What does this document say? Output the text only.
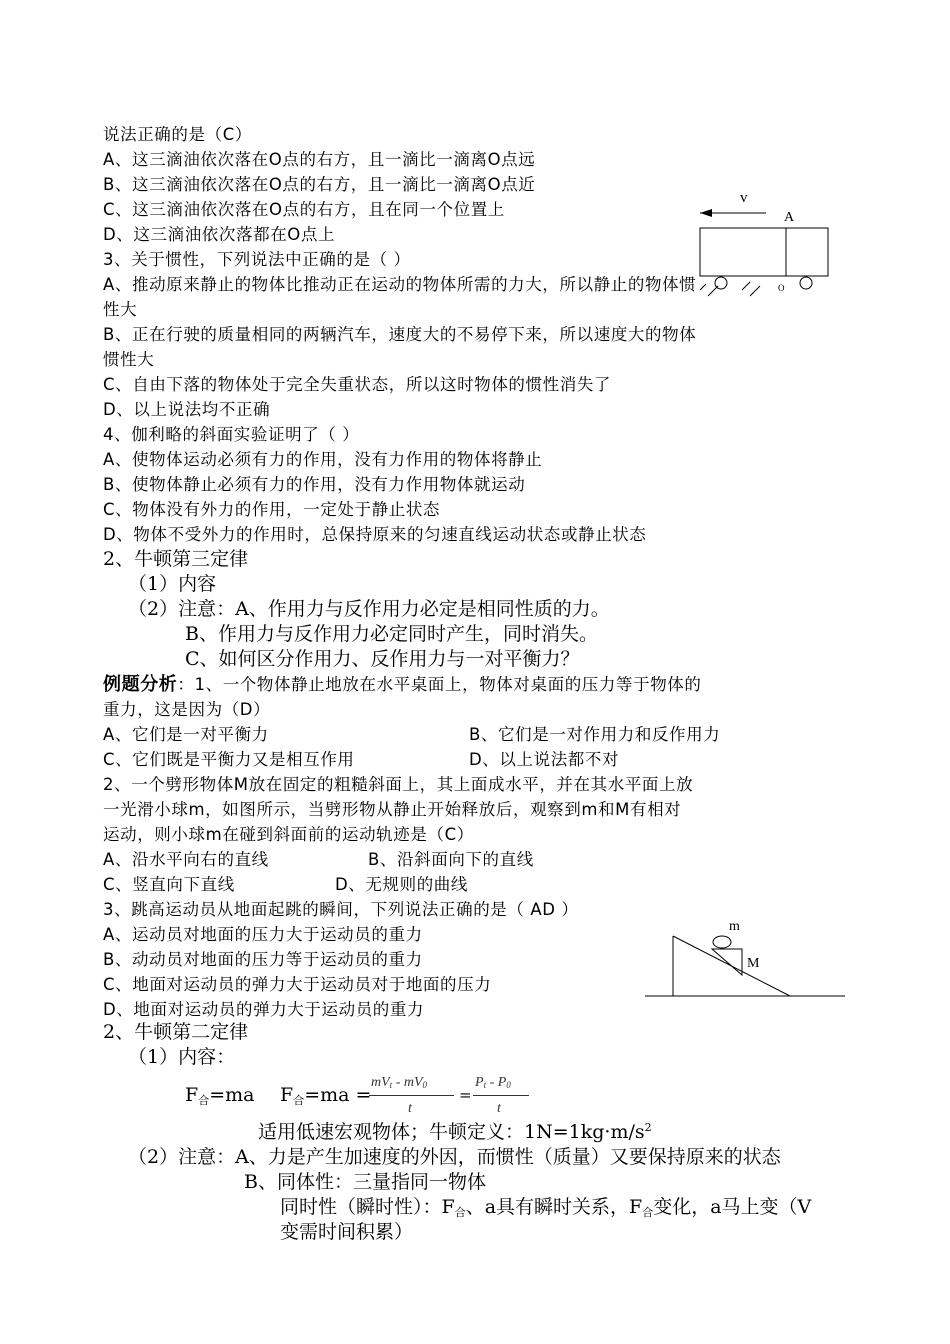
说法正确的是（C）
A、这三滴油依次落在O点的右方，且一滴比一滴离O点远
B、这三滴油依次落在O点的右方，且一滴比一滴离O点近
C、这三滴油依次落在O点的右方，且在同一个位置上
D、这三滴油依次落都在O点上
3、关于惯性，下列说法中正确的是（ ）
A、推动原来静止的物体比推动正在运动的物体所需的力大，所以静止的物体惯
性大
B、正在行驶的质量相同的两辆汽车，速度大的不易停下来，所以速度大的物体
惯性大
C、自由下落的物体处于完全失重状态，所以这时物体的惯性消失了
D、以上说法均不正确
4、伽利略的斜面实验证明了（ ）
A、使物体运动必须有力的作用，没有力作用的物体将静止
B、使物体静止必须有力的作用，没有力作用物体就运动
C、物体没有外力的作用，一定处于静止状态
D、物体不受外力的作用时，总保持原来的匀速直线运动状态或静止状态
2、牛顿第三定律
（1）内容
（2）注意：A、作用力与反作用力必定是相同性质的力。
B、作用力与反作用力必定同时产生，同时消失。
C、如何区分作用力、反作用力与一对平衡力？
例题分析：1、一个物体静止地放在水平桌面上，物体对桌面的压力等于物体的
重力，这是因为（D）
A、它们是一对平衡力	B、它们是一对作用力和反作用力
C、它们既是平衡力又是相互作用	D、以上说法都不对
2、一个劈形物体M放在固定的粗糙斜面上，其上面成水平，并在其水平面上放
一光滑小球m，如图所示，当劈形物从静止开始释放后，观察到m和M有相对
运动，则小球m在碰到斜面前的运动轨迹是（C）
A、沿水平向右的直线	B、沿斜面向下的直线
C、竖直向下直线	D、无规则的曲线
3、跳高运动员从地面起跳的瞬间，下列说法正确的是（ AD ）
A、运动员对地面的压力大于运动员的重力
B、动动员对地面的压力等于运动员的重力
C、地面对运动员的弹力大于运动员对于地面的压力
D、地面对运动员的弹力大于运动员的重力
2、牛顿第二定律
（1）内容：
F合=ma F合=ma =
mVt - mV0
t
=
Pt - P0
t
适用低速宏观物体；牛顿定义：$1N=1kg\cdot m/s^2$
（2）注意：A、力是产生加速度的外因，而惯性（质量）又要保持原来的状态
B、同体性：三量指同一物体
同时性（瞬时性）：F合、a具有瞬时关系，F合变化，a马上变（V
变需时间积累）
v
A
O
m
M
